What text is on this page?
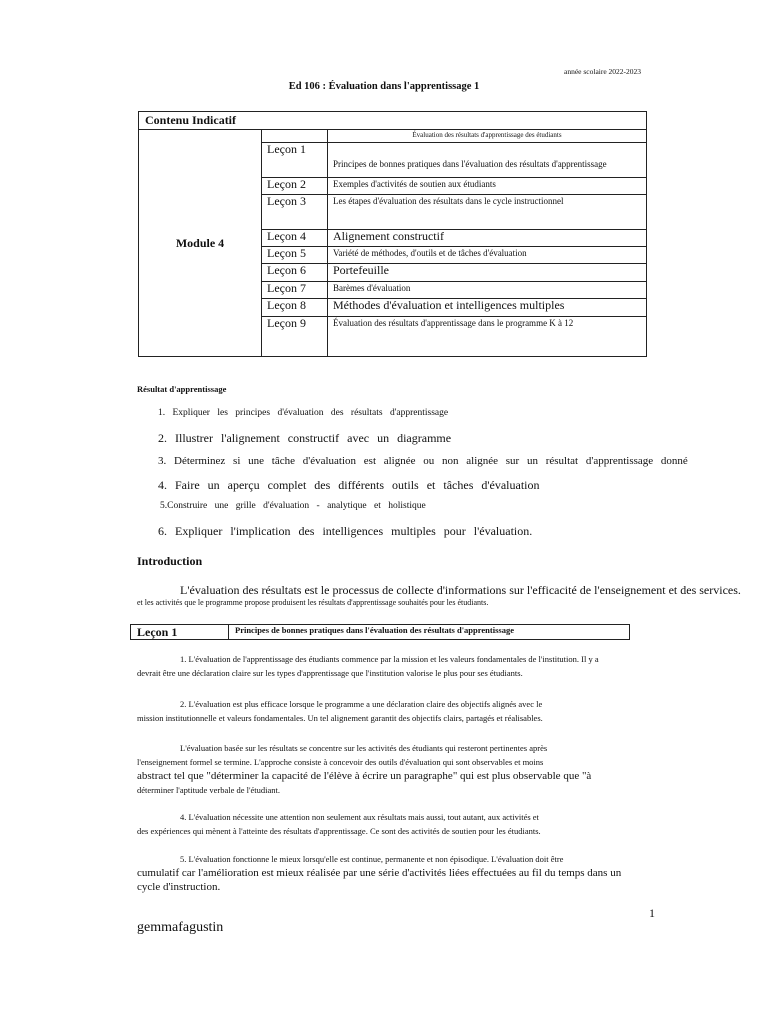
année scolaire 2022-2023
Ed 106 : Évaluation dans l'apprentissage 1
Contenu Indicatif		
Module 4		Évaluation des résultats d'apprentissage des étudiants
	Leçon 1	Principes de bonnes pratiques dans l'évaluation des résultats d'apprentissage
	Leçon 2	Exemples d'activités de soutien aux étudiants
	Leçon 3	Les étapes d'évaluation des résultats dans le cycle instructionnel
	Leçon 4	Alignement constructif
	Leçon 5	Variété de méthodes, d'outils et de tâches d'évaluation
	Leçon 6	Portefeuille
	Leçon 7	Barèmes d'évaluation
	Leçon 8	Méthodes d'évaluation et intelligences multiples
	Leçon 9	Évaluation des résultats d'apprentissage dans le programme K à 12
Résultat d'apprentissage
1. Expliquer les principes d'évaluation des résultats d'apprentissage
2. Illustrer l'alignement constructif avec un diagramme
3. Déterminez si une tâche d'évaluation est alignée ou non alignée sur un résultat d'apprentissage donné
4. Faire un aperçu complet des différents outils et tâches d'évaluation
5.Construire une grille d'évaluation - analytique et holistique
6. Expliquer l'implication des intelligences multiples pour l'évaluation.
Introduction
L'évaluation des résultats est le processus de collecte d'informations sur l'efficacité de l'enseignement et des services.
et les activités que le programme propose produisent les résultats d'apprentissage souhaités pour les étudiants.
Leçon 1	Principes de bonnes pratiques dans l'évaluation des résultats d'apprentissage
1. L'évaluation de l'apprentissage des étudiants commence par la mission et les valeurs fondamentales de l'institution. Il y a
devrait être une déclaration claire sur les types d'apprentissage que l'institution valorise le plus pour ses étudiants.
2. L'évaluation est plus efficace lorsque le programme a une déclaration claire des objectifs alignés avec le
mission institutionnelle et valeurs fondamentales. Un tel alignement garantit des objectifs clairs, partagés et réalisables.
L'évaluation basée sur les résultats se concentre sur les activités des étudiants qui resteront pertinentes après
l'enseignement formel se termine. L'approche consiste à concevoir des outils d'évaluation qui sont observables et moins
abstract tel que "déterminer la capacité de l'élève à écrire un paragraphe" qui est plus observable que "à
déterminer l'aptitude verbale de l'étudiant.
4. L'évaluation nécessite une attention non seulement aux résultats mais aussi, tout autant, aux activités et
des expériences qui mènent à l'atteinte des résultats d'apprentissage. Ce sont des activités de soutien pour les étudiants.
5. L'évaluation fonctionne le mieux lorsqu'elle est continue, permanente et non épisodique. L'évaluation doit être
cumulatif car l'amélioration est mieux réalisée par une série d'activités liées effectuées au fil du temps dans un
cycle d'instruction.
1
gemmafagustin
